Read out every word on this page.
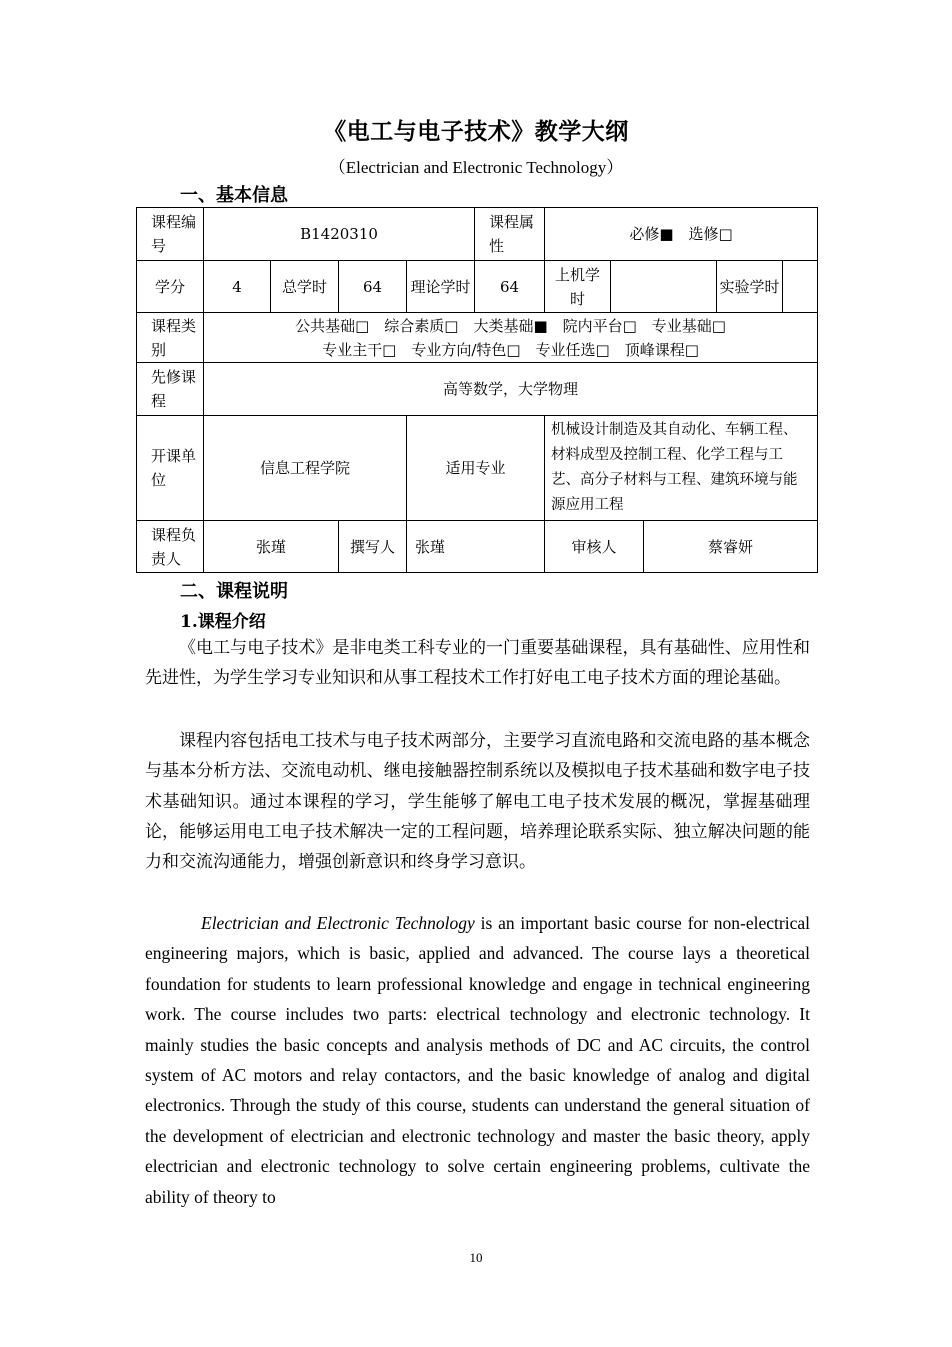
《电工与电子技术》教学大纲
（Electrician and Electronic Technology）
一、基本信息
课程编号	B1420310				课程属性	必修■　选修□			
学分	4	总学时	64	理论学时	64	上机学时			实验学时

课程类别	公共基础□　综合素质□　大类基础■　院内平台□　专业基础□
专业主干□　专业方向/特色□　专业任选□　顶峰课程□								

先修课程	高等数学，大学物理								
开课单位	信息工程学院			适用专业		机械设计制造及其自动化、车辆工程、材料成型及控制工程、化学工程与工艺、高分子材料与工程、建筑环境与能源应用工程			
课程负责人	张瑾		撰写人	张瑾		审核人		蔡睿妍	
二、课程说明
1.课程介绍

《电工与电子技术》是非电类工科专业的一门重要基础课程，具有基础性、应用性和先进性，为学生学习专业知识和从事工程技术工作打好电工电子技术方面的理论基础。

课程内容包括电工技术与电子技术两部分，主要学习直流电路和交流电路的基本概念与基本分析方法、交流电动机、继电接触器控制系统以及模拟电子技术基础和数字电子技术基础知识。通过本课程的学习，学生能够了解电工电子技术发展的概况，掌握基础理论，能够运用电工电子技术解决一定的工程问题，培养理论联系实际、独立解决问题的能力和交流沟通能力，增强创新意识和终身学习意识。

Electrician and Electronic Technology is an important basic course for non-electrical engineering majors, which is basic, applied and advanced. The course lays a theoretical foundation for students to learn professional knowledge and engage in technical engineering work. The course includes two parts: electrical technology and electronic technology. It mainly studies the basic concepts and analysis methods of DC and AC circuits, the control system of AC motors and relay contactors, and the basic knowledge of analog and digital electronics. Through the study of this course, students can understand the general situation of the development of electrician and electronic technology and master the basic theory, apply electrician and electronic technology to solve certain engineering problems, cultivate the ability of theory to

10
